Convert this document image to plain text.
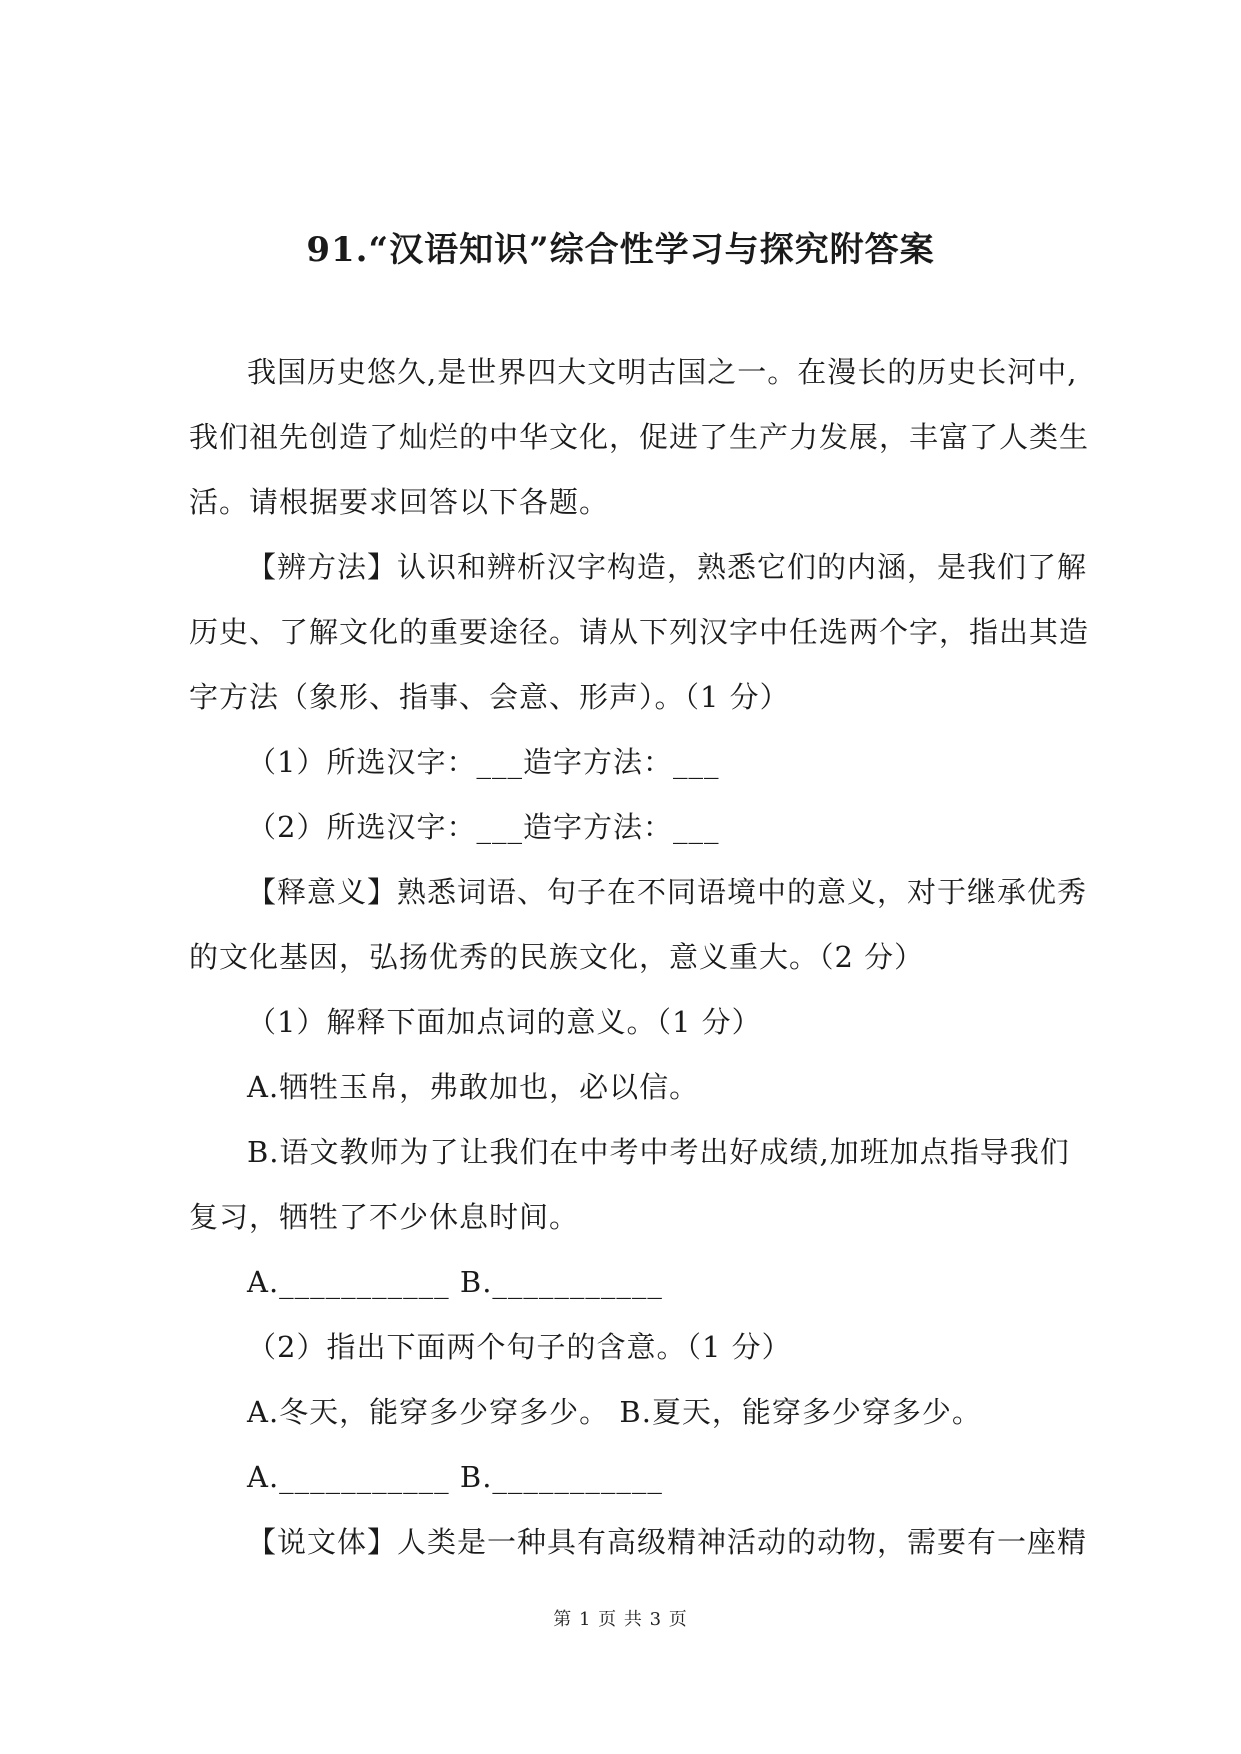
91.“汉语知识”综合性学习与探究附答案
我国历史悠久,是世界四大文明古国之一。在漫长的历史长河中,
我们祖先创造了灿烂的中华文化，促进了生产力发展，丰富了人类生
活。请根据要求回答以下各题。
【辨方法】认识和辨析汉字构造，熟悉它们的内涵，是我们了解
历史、了解文化的重要途径。请从下列汉字中任选两个字，指出其造
字方法（象形、指事、会意、形声）。（1 分）
（1）所选汉字：___造字方法：___
（2）所选汉字：___造字方法：___
【释意义】熟悉词语、句子在不同语境中的意义，对于继承优秀
的文化基因，弘扬优秀的民族文化，意义重大。（2 分）
（1）解释下面加点词的意义。（1 分）
A.牺牲玉帛，弗敢加也，必以信。
B.语文教师为了让我们在中考中考出好成绩,加班加点指导我们
复习，牺牲了不少休息时间。
A.___________ B.___________
（2）指出下面两个句子的含意。（1 分）
A.冬天，能穿多少穿多少。 B.夏天，能穿多少穿多少。
A.___________ B.___________
【说文体】人类是一种具有高级精神活动的动物，需要有一座精
第 1 页 共 3 页
